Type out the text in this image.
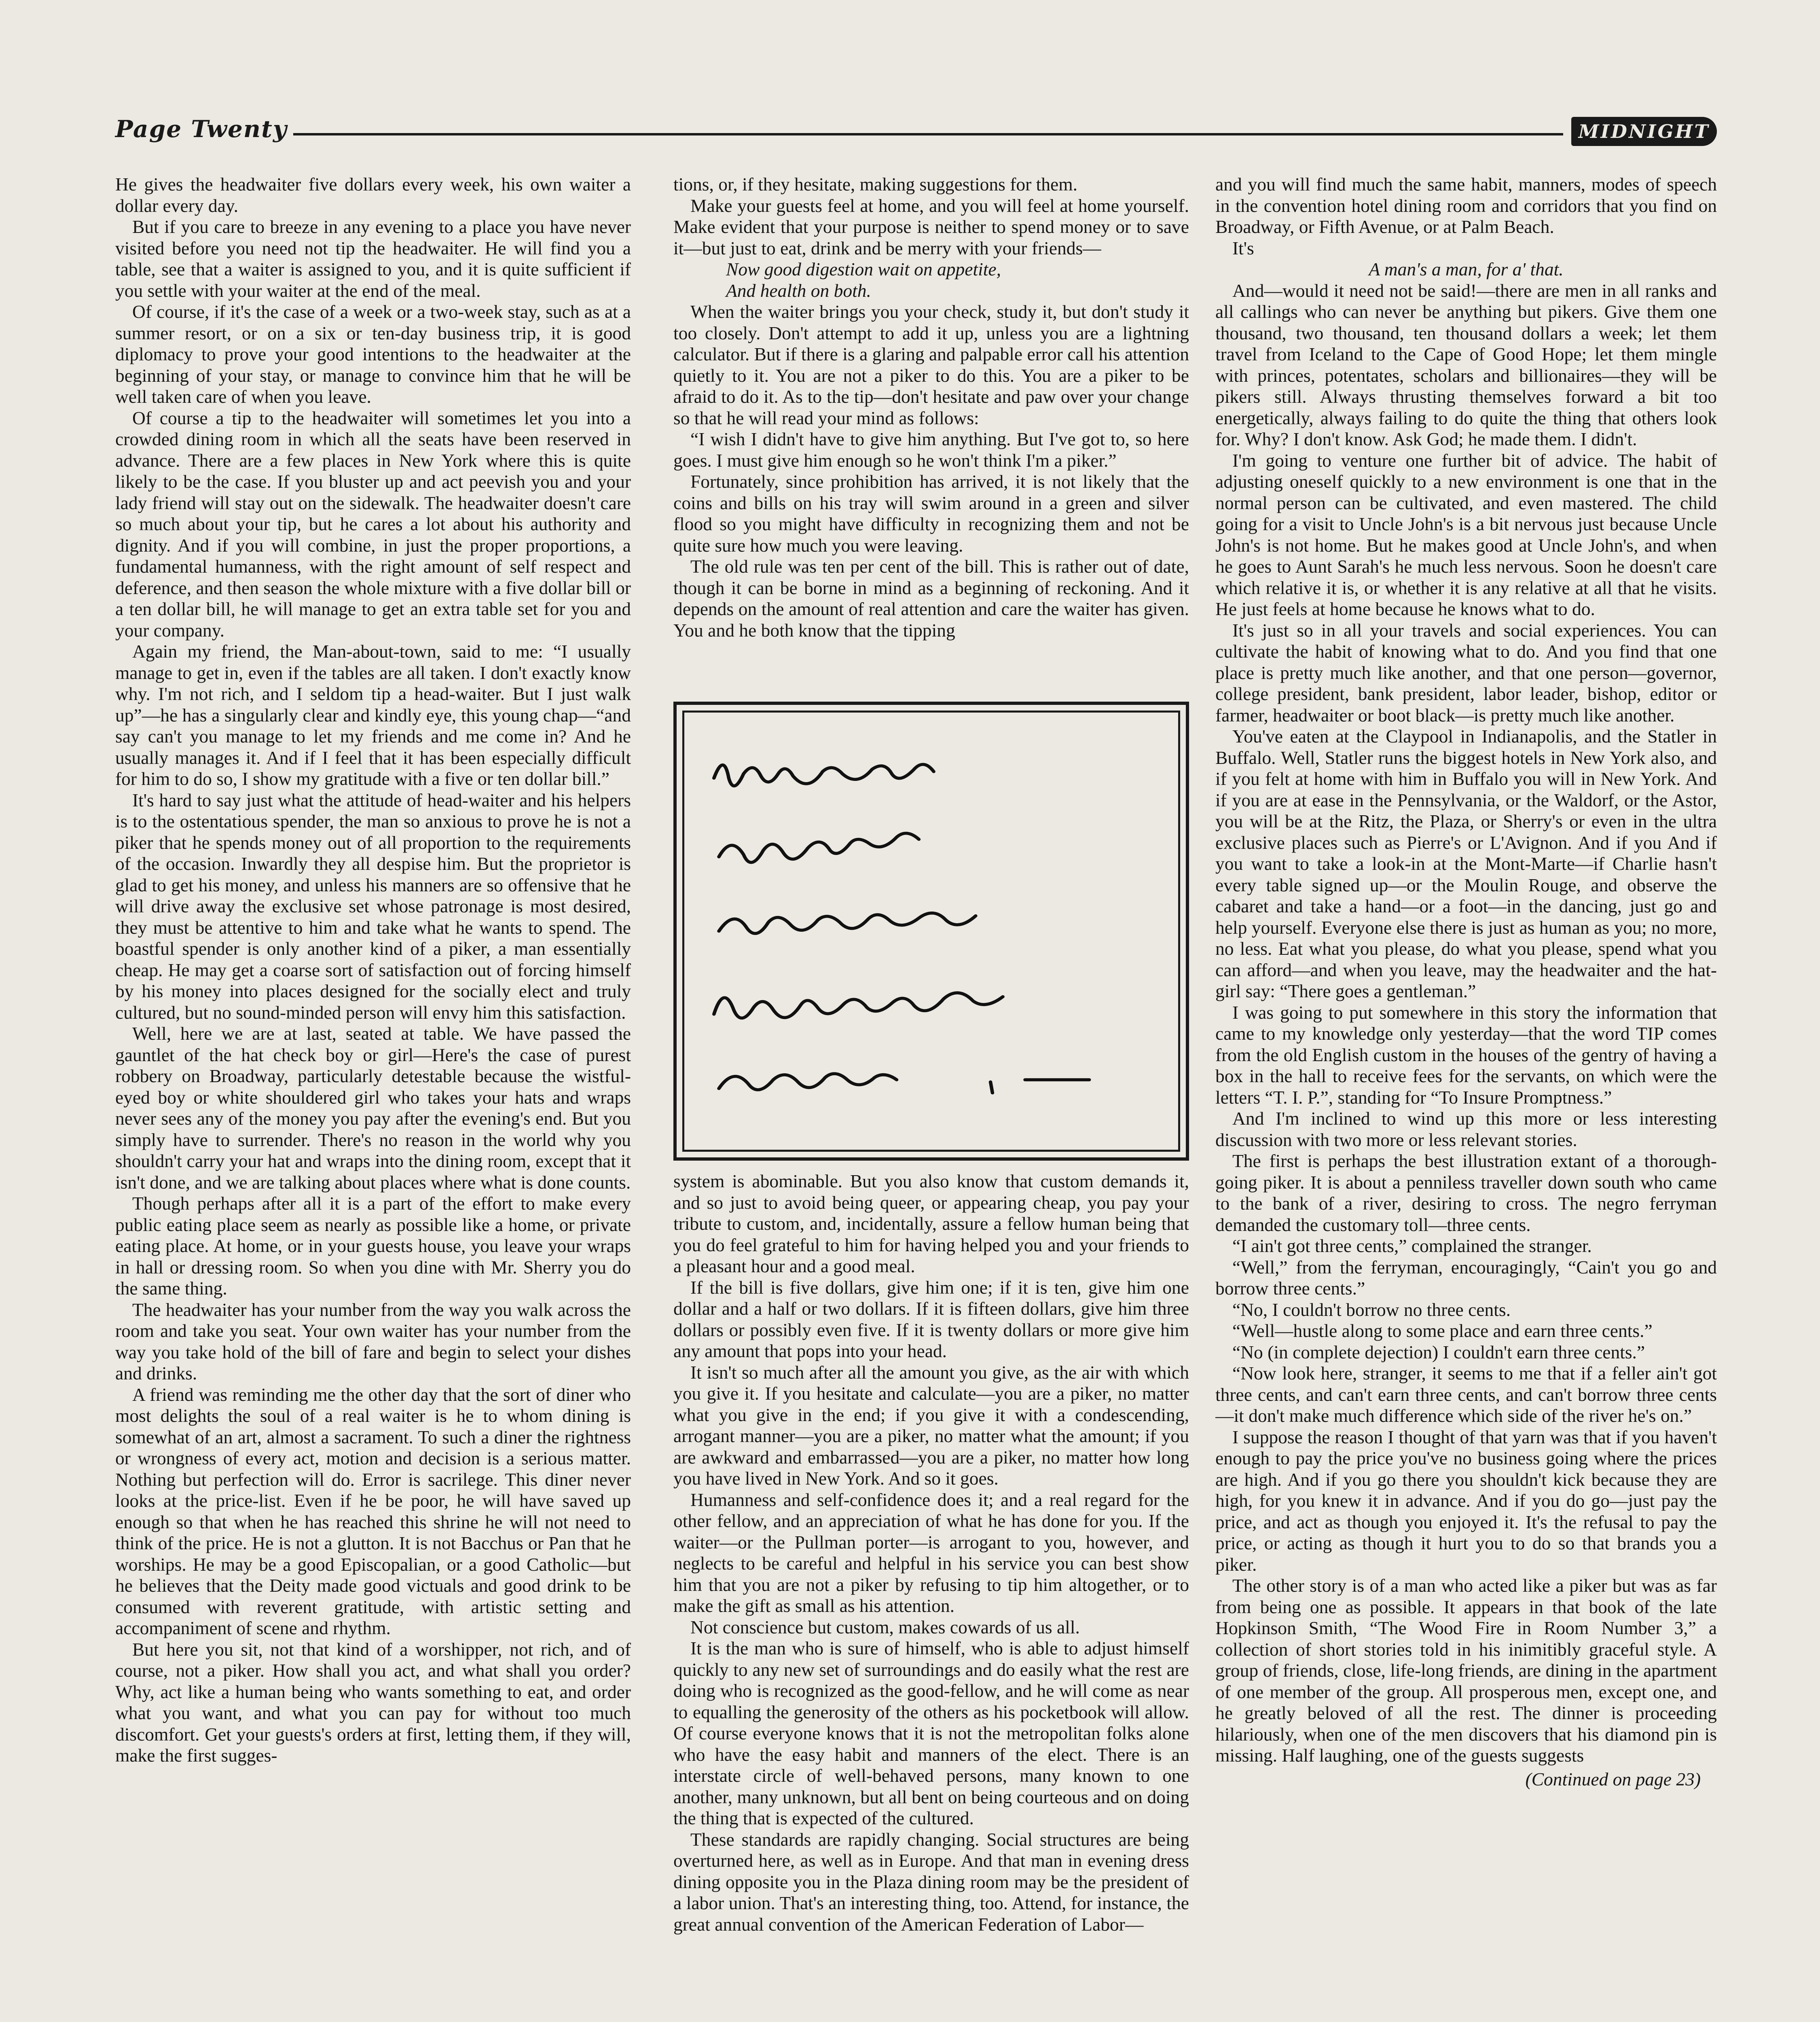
Page Twenty	MIDNIGHT

He gives the headwaiter five dollars every week, his own waiter a dollar every day.

But if you care to breeze in any evening to a place you have never visited before you need not tip the headwaiter. He will find you a table, see that a waiter is assigned to you, and it is quite sufficient if you settle with your waiter at the end of the meal.

Of course, if it's the case of a week or a two-week stay, such as at a summer resort, or on a six or ten-day business trip, it is good diplomacy to prove your good intentions to the headwaiter at the beginning of your stay, or manage to convince him that he will be well taken care of when you leave.

Of course a tip to the headwaiter will sometimes let you into a crowded dining room in which all the seats have been reserved in advance. There are a few places in New York where this is quite likely to be the case. If you bluster up and act peevish you and your lady friend will stay out on the sidewalk. The headwaiter doesn't care so much about your tip, but he cares a lot about his authority and dignity. And if you will combine, in just the proper proportions, a fundamental humanness, with the right amount of self respect and deference, and then season the whole mixture with a five dollar bill or a ten dollar bill, he will manage to get an extra table set for you and your company.

Again my friend, the Man-about-town, said to me: “I usually manage to get in, even if the tables are all taken. I don't exactly know why. I'm not rich, and I seldom tip a head-waiter. But I just walk up”—he has a singularly clear and kindly eye, this young chap—“and say can't you manage to let my friends and me come in? And he usually manages it. And if I feel that it has been especially difficult for him to do so, I show my gratitude with a five or ten dollar bill.”

It's hard to say just what the attitude of head-waiter and his helpers is to the ostentatious spender, the man so anxious to prove he is not a piker that he spends money out of all proportion to the requirements of the occasion. Inwardly they all despise him. But the proprietor is glad to get his money, and unless his manners are so offensive that he will drive away the exclusive set whose patronage is most desired, they must be attentive to him and take what he wants to spend. The boastful spender is only another kind of a piker, a man essentially cheap. He may get a coarse sort of satisfaction out of forcing himself by his money into places designed for the socially elect and truly cultured, but no sound-minded person will envy him this satisfaction.

Well, here we are at last, seated at table. We have passed the gauntlet of the hat check boy or girl—Here's the case of purest robbery on Broadway, particularly detestable because the wistful-eyed boy or white shouldered girl who takes your hats and wraps never sees any of the money you pay after the evening's end. But you simply have to surrender. There's no reason in the world why you shouldn't carry your hat and wraps into the dining room, except that it isn't done, and we are talking about places where what is done counts.

Though perhaps after all it is a part of the effort to make every public eating place seem as nearly as possible like a home, or private eating place. At home, or in your guests house, you leave your wraps in hall or dressing room. So when you dine with Mr. Sherry you do the same thing.

The headwaiter has your number from the way you walk across the room and take you seat. Your own waiter has your number from the way you take hold of the bill of fare and begin to select your dishes and drinks.

A friend was reminding me the other day that the sort of diner who most delights the soul of a real waiter is he to whom dining is somewhat of an art, almost a sacrament. To such a diner the rightness or wrongness of every act, motion and decision is a serious matter. Nothing but perfection will do. Error is sacrilege. This diner never looks at the price-list. Even if he be poor, he will have saved up enough so that when he has reached this shrine he will not need to think of the price. He is not a glutton. It is not Bacchus or Pan that he worships. He may be a good Episcopalian, or a good Catholic—but he believes that the Deity made good victuals and good drink to be consumed with reverent gratitude, with artistic setting and accompaniment of scene and rhythm.

But here you sit, not that kind of a worshipper, not rich, and of course, not a piker. How shall you act, and what shall you order? Why, act like a human being who wants something to eat, and order what you want, and what you can pay for without too much discomfort. Get your guests's orders at first, letting them, if they will, make the first sugges-

tions, or, if they hesitate, making suggestions for them.

Make your guests feel at home, and you will feel at home yourself. Make evident that your purpose is neither to spend money or to save it—but just to eat, drink and be merry with your friends—

Now good digestion wait on appetite,

And health on both.

When the waiter brings you your check, study it, but don't study it too closely. Don't attempt to add it up, unless you are a lightning calculator. But if there is a glaring and palpable error call his attention quietly to it. You are not a piker to do this. You are a piker to be afraid to do it. As to the tip—don't hesitate and paw over your change so that he will read your mind as follows:

“I wish I didn't have to give him anything. But I've got to, so here goes. I must give him enough so he won't think I'm a piker.”

Fortunately, since prohibition has arrived, it is not likely that the coins and bills on his tray will swim around in a green and silver flood so you might have difficulty in recognizing them and not be quite sure how much you were leaving.

The old rule was ten per cent of the bill. This is rather out of date, though it can be borne in mind as a beginning of reckoning. And it depends on the amount of real attention and care the waiter has given. You and he both know that the tipping

system is abominable. But you also know that custom demands it, and so just to avoid being queer, or appearing cheap, you pay your tribute to custom, and, incidentally, assure a fellow human being that you do feel grateful to him for having helped you and your friends to a pleasant hour and a good meal.

If the bill is five dollars, give him one; if it is ten, give him one dollar and a half or two dollars. If it is fifteen dollars, give him three dollars or possibly even five. If it is twenty dollars or more give him any amount that pops into your head.

It isn't so much after all the amount you give, as the air with which you give it. If you hesitate and calculate—you are a piker, no matter what you give in the end; if you give it with a condescending, arrogant manner—you are a piker, no matter what the amount; if you are awkward and embarrassed—you are a piker, no matter how long you have lived in New York. And so it goes.

Humanness and self-confidence does it; and a real regard for the other fellow, and an appreciation of what he has done for you. If the waiter—or the Pullman porter—is arrogant to you, however, and neglects to be careful and helpful in his service you can best show him that you are not a piker by refusing to tip him altogether, or to make the gift as small as his attention.

Not conscience but custom, makes cowards of us all.

It is the man who is sure of himself, who is able to adjust himself quickly to any new set of surroundings and do easily what the rest are doing who is recognized as the good-fellow, and he will come as near to equalling the generosity of the others as his pocketbook will allow. Of course everyone knows that it is not the metropolitan folks alone who have the easy habit and manners of the elect. There is an interstate circle of well-behaved persons, many known to one another, many unknown, but all bent on being courteous and on doing the thing that is expected of the cultured.

These standards are rapidly changing. Social structures are being overturned here, as well as in Europe. And that man in evening dress dining opposite you in the Plaza dining room may be the president of a labor union. That's an interesting thing, too. Attend, for instance, the great annual convention of the American Federation of Labor—

and you will find much the same habit, manners, modes of speech in the convention hotel dining room and corridors that you find on Broadway, or Fifth Avenue, or at Palm Beach.

It's

A man's a man, for a' that.

And—would it need not be said!—there are men in all ranks and all callings who can never be anything but pikers. Give them one thousand, two thousand, ten thousand dollars a week; let them travel from Iceland to the Cape of Good Hope; let them mingle with princes, potentates, scholars and billionaires—they will be pikers still. Always thrusting themselves forward a bit too energetically, always failing to do quite the thing that others look for. Why? I don't know. Ask God; he made them. I didn't.

I'm going to venture one further bit of advice. The habit of adjusting oneself quickly to a new environment is one that in the normal person can be cultivated, and even mastered. The child going for a visit to Uncle John's is a bit nervous just because Uncle John's is not home. But he makes good at Uncle John's, and when he goes to Aunt Sarah's he much less nervous. Soon he doesn't care which relative it is, or whether it is any relative at all that he visits. He just feels at home because he knows what to do.

It's just so in all your travels and social experiences. You can cultivate the habit of knowing what to do. And you find that one place is pretty much like another, and that one person—governor, college president, bank president, labor leader, bishop, editor or farmer, headwaiter or boot black—is pretty much like another.

You've eaten at the Claypool in Indianapolis, and the Statler in Buffalo. Well, Statler runs the biggest hotels in New York also, and if you felt at home with him in Buffalo you will in New York. And if you are at ease in the Pennsylvania, or the Waldorf, or the Astor, you will be at the Ritz, the Plaza, or Sherry's or even in the ultra exclusive places such as Pierre's or L'Avignon. And if you And if you want to take a look-in at the Mont-Marte—if Charlie hasn't every table signed up—or the Moulin Rouge, and observe the cabaret and take a hand—or a foot—in the dancing, just go and help yourself. Everyone else there is just as human as you; no more, no less. Eat what you please, do what you please, spend what you can afford—and when you leave, may the headwaiter and the hat-girl say: “There goes a gentleman.”

I was going to put somewhere in this story the information that came to my knowledge only yesterday—that the word TIP comes from the old English custom in the houses of the gentry of having a box in the hall to receive fees for the servants, on which were the letters “T. I. P.”, standing for “To Insure Promptness.”

And I'm inclined to wind up this more or less interesting discussion with two more or less relevant stories.

The first is perhaps the best illustration extant of a thorough-going piker. It is about a penniless traveller down south who came to the bank of a river, desiring to cross. The negro ferryman demanded the customary toll—three cents.

“I ain't got three cents,” complained the stranger.

“Well,” from the ferryman, encouragingly, “Cain't you go and borrow three cents.”

“No, I couldn't borrow no three cents.

“Well—hustle along to some place and earn three cents.”

“No (in complete dejection) I couldn't earn three cents.”

“Now look here, stranger, it seems to me that if a feller ain't got three cents, and can't earn three cents, and can't borrow three cents—it don't make much difference which side of the river he's on.”

I suppose the reason I thought of that yarn was that if you haven't enough to pay the price you've no business going where the prices are high. And if you go there you shouldn't kick because they are high, for you knew it in advance. And if you do go—just pay the price, and act as though you enjoyed it. It's the refusal to pay the price, or acting as though it hurt you to do so that brands you a piker.

The other story is of a man who acted like a piker but was as far from being one as possible. It appears in that book of the late Hopkinson Smith, “The Wood Fire in Room Number 3,” a collection of short stories told in his inimitibly graceful style. A group of friends, close, life-long friends, are dining in the apartment of one member of the group. All prosperous men, except one, and he greatly beloved of all the rest. The dinner is proceeding hilariously, when one of the men discovers that his diamond pin is missing. Half laughing, one of the guests suggests

(Continued on page 23)
